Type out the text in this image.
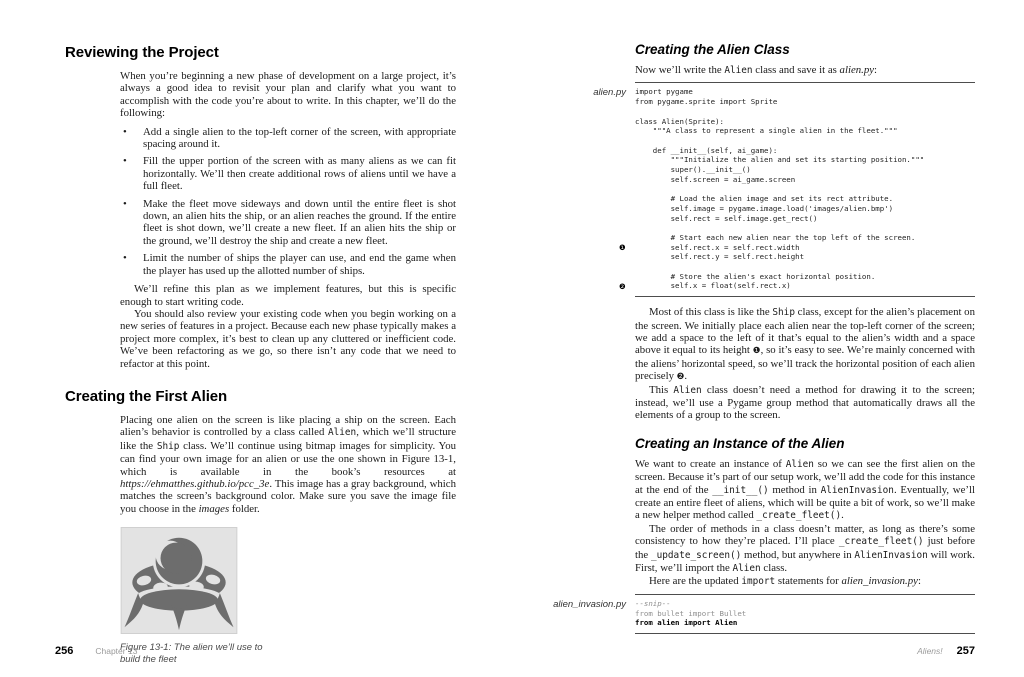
Reviewing the Project

When you’re beginning a new phase of development on a large project, it’s always a good idea to revisit your plan and clarify what you want to accomplish with the code you’re about to write. In this chapter, we’ll do the following:

• Add a single alien to the top-left corner of the screen, with appropriate spacing around it.
• Fill the upper portion of the screen with as many aliens as we can fit horizontally. We’ll then create additional rows of aliens until we have a full fleet.
• Make the fleet move sideways and down until the entire fleet is shot down, an alien hits the ship, or an alien reaches the ground. If the entire fleet is shot down, we’ll create a new fleet. If an alien hits the ship or the ground, we’ll destroy the ship and create a new fleet.
• Limit the number of ships the player can use, and end the game when the player has used up the allotted number of ships.

We’ll refine this plan as we implement features, but this is specific enough to start writing code.

You should also review your existing code when you begin working on a new series of features in a project. Because each new phase typically makes a project more complex, it’s best to clean up any cluttered or inefficient code. We’ve been refactoring as we go, so there isn’t any code that we need to refactor at this point.

Creating the First Alien

Placing one alien on the screen is like placing a ship on the screen. Each alien’s behavior is controlled by a class called Alien, which we’ll structure like the Ship class. We’ll continue using bitmap images for simplicity. You can find your own image for an alien or use the one shown in Figure 13-1, which is available in the book’s resources at https://ehmatthes.github.io/pcc_3e. This image has a gray background, which matches the screen’s background color. Make sure you save the image file you choose in the images folder.

Figure 13-1: The alien we’ll use to build the fleet
Creating the Alien Class

Now we’ll write the Alien class and save it as alien.py:

alien.py import pygame
from pygame.sprite import Sprite

class Alien(Sprite):
"""A class to represent a single alien in the fleet."""

def __init__(self, ai_game):
"""Initialize the alien and set its starting position."""
super().__init__()
self.screen = ai_game.screen

# Load the alien image and set its rect attribute.
self.image = pygame.image.load('images/alien.bmp')
self.rect = self.image.get_rect()

# Start each new alien near the top left of the screen.
❶ self.rect.x = self.rect.width
self.rect.y = self.rect.height

# Store the alien's exact horizontal position.
❷ self.x = float(self.rect.x)

Most of this class is like the Ship class, except for the alien’s placement on the screen. We initially place each alien near the top-left corner of the screen; we add a space to the left of it that’s equal to the alien’s width and a space above it equal to its height ❶, so it’s easy to see. We’re mainly concerned with the aliens’ horizontal speed, so we’ll track the horizontal position of each alien precisely ❷.

This Alien class doesn’t need a method for drawing it to the screen; instead, we’ll use a Pygame group method that automatically draws all the elements of a group to the screen.

Creating an Instance of the Alien

We want to create an instance of Alien so we can see the first alien on the screen. Because it’s part of our setup work, we’ll add the code for this instance at the end of the __init__() method in AlienInvasion. Eventually, we’ll create an entire fleet of aliens, which will be quite a bit of work, so we’ll make a new helper method called _create_fleet().

The order of methods in a class doesn’t matter, as long as there’s some consistency to how they’re placed. I’ll place _create_fleet() just before the _update_screen() method, but anywhere in AlienInvasion will work. First, we’ll import the Alien class.

Here are the updated import statements for alien_invasion.py:

alien_invasion.py --snip--
from bullet import Bullet
from alien import Alien
256	Chapter 13	Aliens! 257
